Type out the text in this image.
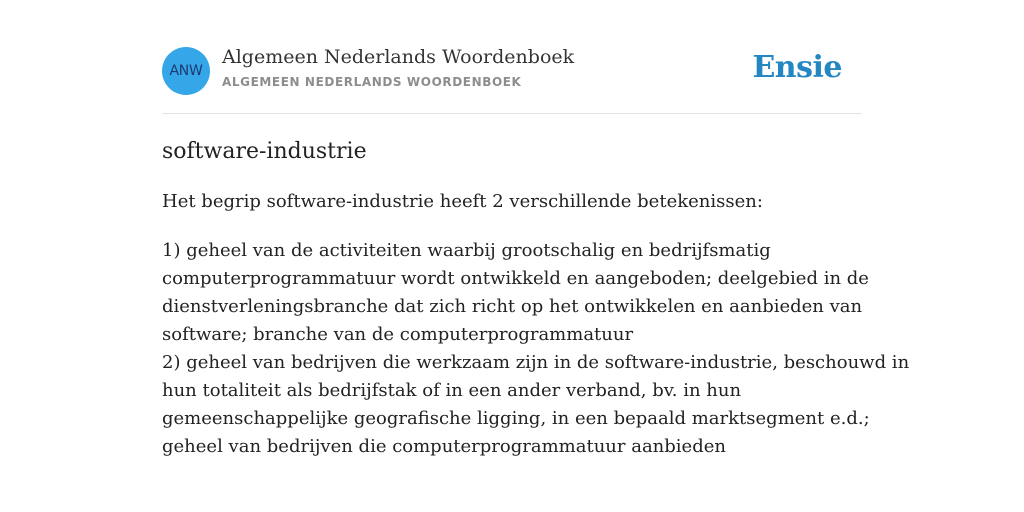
ANW
Algemeen Nederlands Woordenboek
ALGEMEEN NEDERLANDS WOORDENBOEK	Ensie
software-industrie
Het begrip software-industrie heeft 2 verschillende betekenissen:
1) geheel van de activiteiten waarbij grootschalig en bedrijfsmatig
computerprogrammatuur wordt ontwikkeld en aangeboden; deelgebied in de
dienstverleningsbranche dat zich richt op het ontwikkelen en aanbieden van
software; branche van de computerprogrammatuur
2) geheel van bedrijven die werkzaam zijn in de software-industrie, beschouwd in
hun totaliteit als bedrijfstak of in een ander verband, bv. in hun
gemeenschappelijke geografische ligging, in een bepaald marktsegment e.d.;
geheel van bedrijven die computerprogrammatuur aanbieden
